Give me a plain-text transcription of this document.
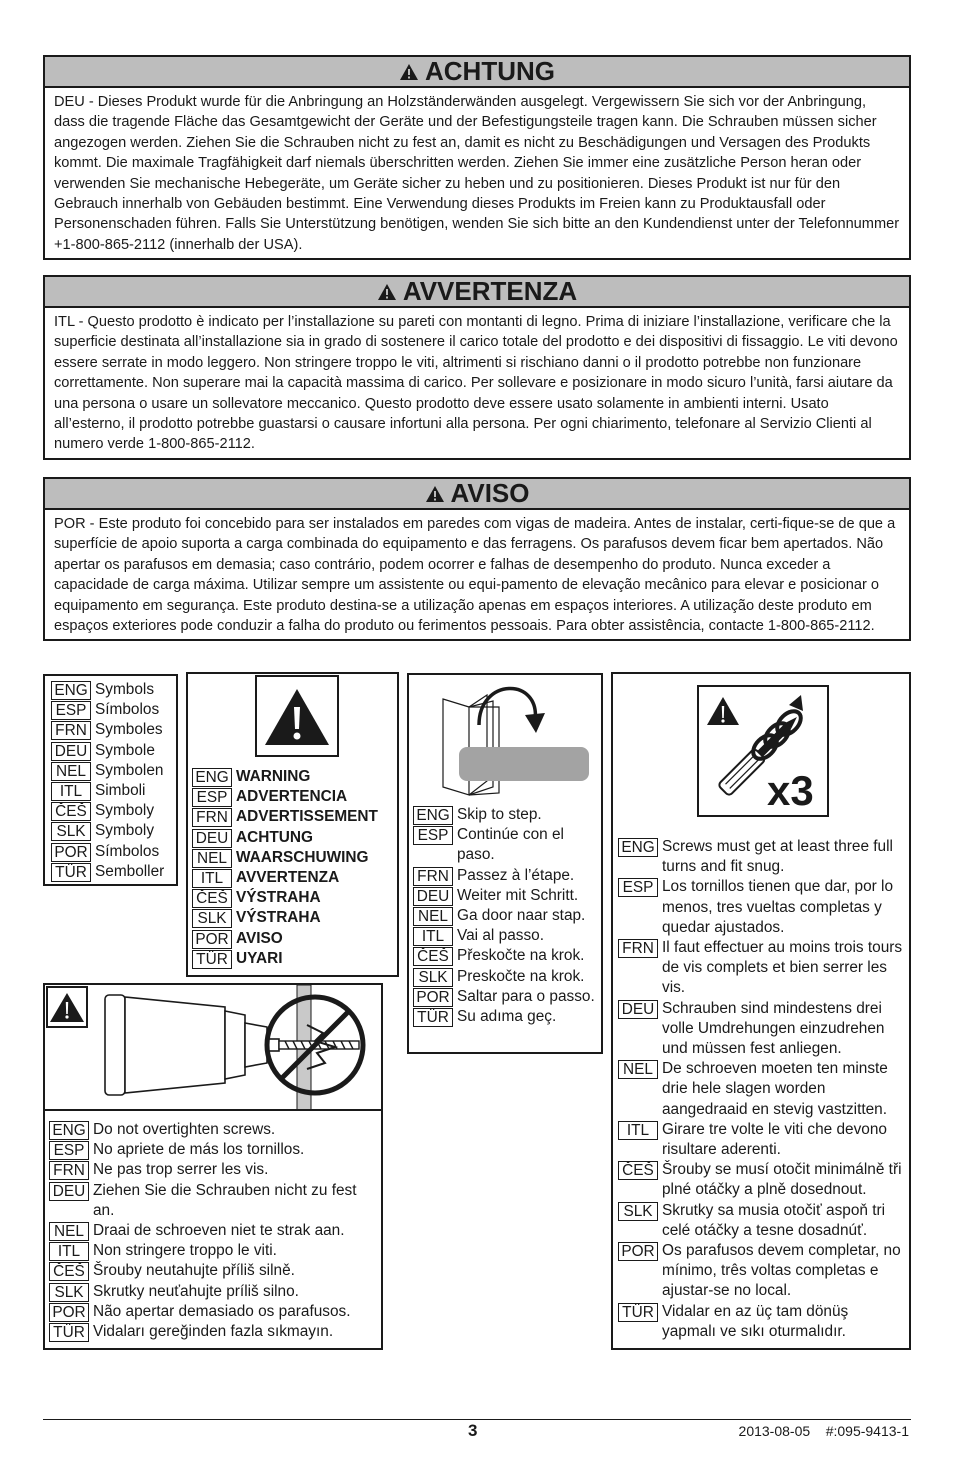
ACHTUNG
DEU - Dieses Produkt wurde für die Anbringung an Holzständerwänden ausgelegt. Vergewissern Sie sich vor der Anbringung, dass die tragende Fläche das Gesamtgewicht der Geräte und der Befestigungsteile tragen kann. Die Schrauben müssen sicher angezogen werden. Ziehen Sie die Schrauben nicht zu fest an, damit es nicht zu Beschädigungen und Versagen des Produkts kommt. Die maximale Tragfähigkeit darf niemals überschritten werden. Ziehen Sie immer eine zusätzliche Person heran oder verwenden Sie mechanische Hebegeräte, um Geräte sicher zu heben und zu positionieren. Dieses Produkt ist nur für den Gebrauch innerhalb von Gebäuden bestimmt. Eine Verwendung dieses Produkts im Freien kann zu Produktausfall oder Personenschaden führen. Falls Sie Unterstützung benötigen, wenden Sie sich bitte an den Kundendienst unter der Telefonnummer +1-800-865-2112 (innerhalb der USA).
AVVERTENZA
ITL - Questo prodotto è indicato per l’installazione su pareti con montanti di legno. Prima di iniziare l’installazione, verificare che la superficie destinata all’installazione sia in grado di sostenere il carico totale del prodotto e dei dispositivi di fissaggio. Le viti devono essere serrate in modo leggero. Non stringere troppo le viti, altrimenti si rischiano danni o il prodotto potrebbe non funzionare correttamente. Non superare mai la capacità massima di carico. Per sollevare e posizionare in modo sicuro l’unità, farsi aiutare da una persona o usare un sollevatore meccanico. Questo prodotto deve essere usato solamente in ambienti interni. Usato all’esterno, il prodotto potrebbe guastarsi o causare infortuni alla persona. Per ogni chiarimento, telefonare al Servizio Clienti al numero verde 1-800-865-2112.
AVISO
POR - Este produto foi concebido para ser instalados em paredes com vigas de madeira. Antes de instalar, certi-fique-se de que a superfície de apoio suporta a carga combinada do equipamento e das ferragens. Os parafusos devem ficar bem apertados. Não apertar os parafusos em demasia; caso contrário, podem ocorrer e falhas de desempenho do produto. Nunca exceder a capacidade de carga máxima. Utilizar sempre um assistente ou equi-pamento de elevação mecânico para elevar e posicionar o equipamento em segurança. Este produto destina-se a utilização apenas em espaços interiores. A utilização deste produto em espaços exteriores pode conduzir a falha do produto ou ferimentos pessoais. Para obter assistência, contacte 1-800-865-2112.
ENG Symbols
ESP Símbolos
FRN Symboles
DEU Symbole
NEL Symbolen
ITL Simboli
ČEŠ Symboly
SLK Symboly
POR Símbolos
TÜR Semboller
ENG WARNING
ESP ADVERTENCIA
FRN ADVERTISSEMENT
DEU ACHTUNG
NEL WAARSCHUWING
ITL AVVERTENZA
ČEŠ VÝSTRAHA
SLK VÝSTRAHA
POR AVISO
TÜR UYARI
ENG Skip to step.
ESP Continúe con el paso.
FRN Passez à l’étape.
DEU Weiter mit Schritt.
NEL Ga door naar stap.
ITL Vai al passo.
ČEŠ Přeskočte na krok.
SLK Preskočte na krok.
POR Saltar para o passo.
TÜR Su adıma geç.
x3
ENG Screws must get at least three full turns and fit snug.
ESP Los tornillos tienen que dar, por lo menos, tres vueltas completas y quedar ajustados.
FRN Il faut effectuer au moins trois tours de vis complets et bien serrer les vis.
DEU Schrauben sind mindestens drei volle Umdrehungen einzudrehen und müssen fest anliegen.
NEL De schroeven moeten ten minste drie hele slagen worden aangedraaid en stevig vastzitten.
ITL Girare tre volte le viti che devono risultare aderenti.
ČEŠ Šrouby se musí otočit minimálně tři plné otáčky a plně dosednout.
SLK Skrutky sa musia otočiť aspoň tri celé otáčky a tesne dosadnúť.
POR Os parafusos devem completar, no mínimo, três voltas completas e ajustar-se no local.
TÜR Vidalar en az üç tam dönüş yapmalı ve sıkı oturmalıdır.
ENG Do not overtighten screws.
ESP No apriete de más los tornillos.
FRN Ne pas trop serrer les vis.
DEU Ziehen Sie die Schrauben nicht zu fest an.
NEL Draai de schroeven niet te strak aan.
ITL Non stringere troppo le viti.
ČEŠ Šrouby neutahujte příliš silně.
SLK Skrutky neuťahujte príliš silno.
POR Não apertar demasiado os parafusos.
TÜR Vidaları gereğinden fazla sıkmayın.
3	2013-08-05    #:095-9413-1
